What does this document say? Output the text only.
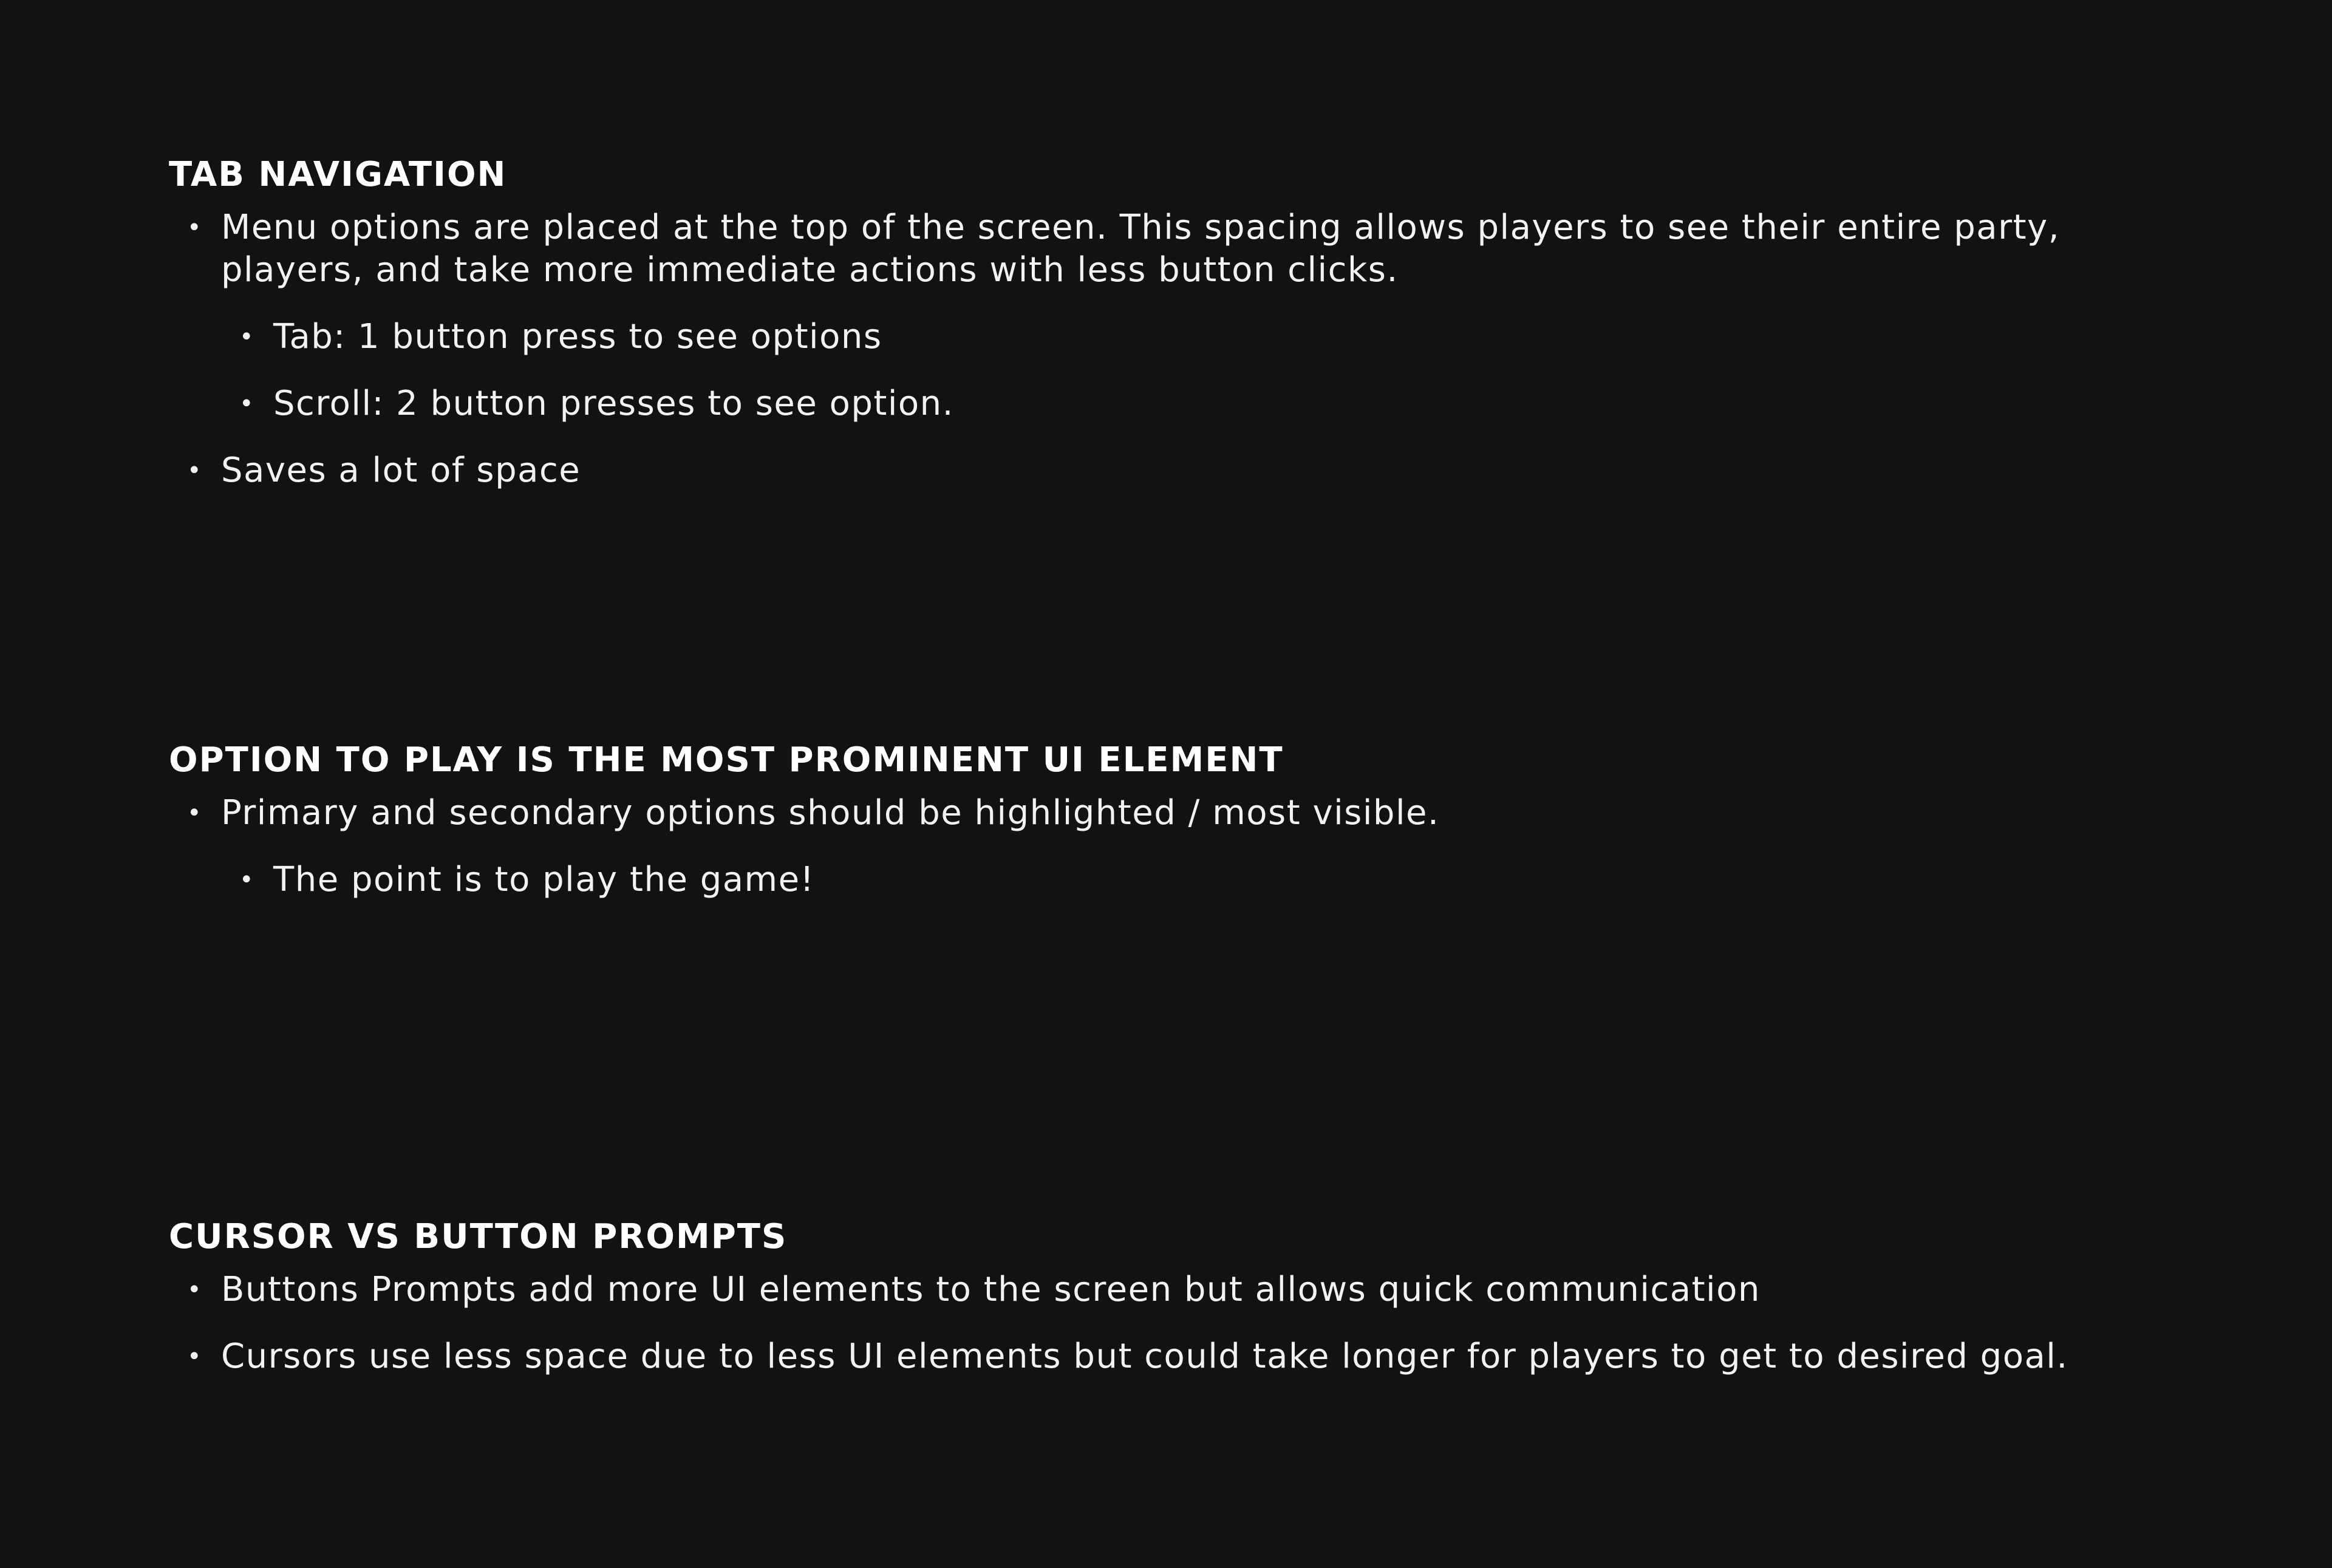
TAB NAVIGATION
• Menu options are placed at the top of the screen. This spacing allows players to see their entire party, players, and take more immediate actions with less button clicks.
• Tab: 1 button press to see options
• Scroll: 2 button presses to see option.
• Saves a lot of space
OPTION TO PLAY IS THE MOST PROMINENT UI ELEMENT
• Primary and secondary options should be highlighted / most visible.
• The point is to play the game!
CURSOR VS BUTTON PROMPTS
• Buttons Prompts add more UI elements to the screen but allows quick communication
• Cursors use less space due to less UI elements but could take longer for players to get to desired goal.
